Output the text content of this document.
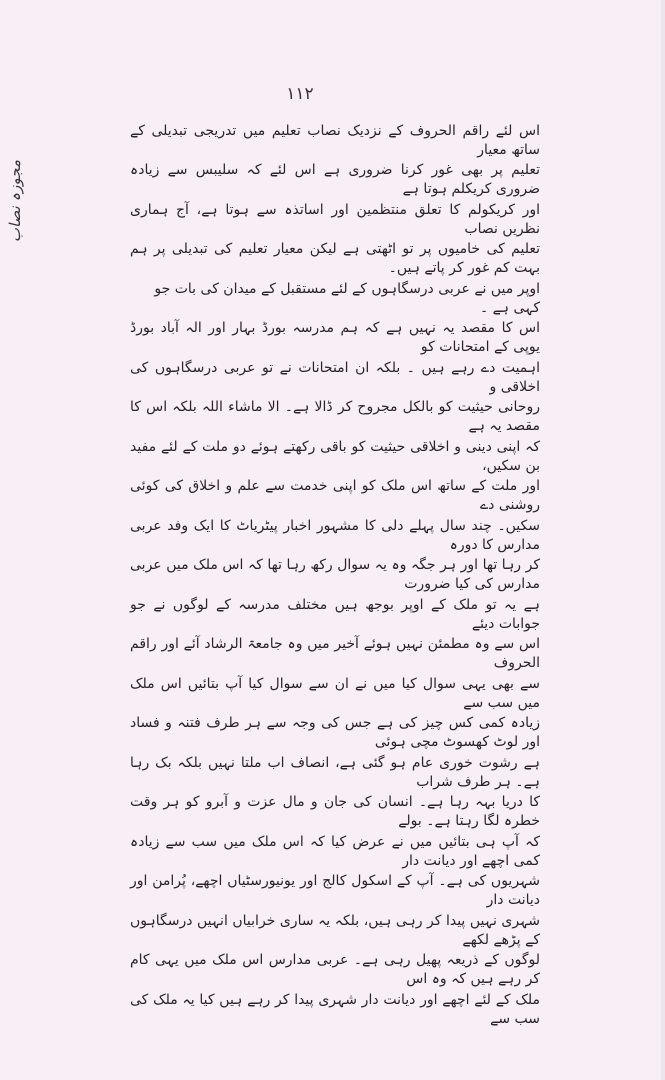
۱۱۲
مجوزہ نصاب
اس لئے راقم الحروف کے نزدیک نصاب تعلیم میں تدریجی تبدیلی کے ساتھ معیار
تعلیم پر بھی غور کرنا ضروری ہے اس لئے کہ سلیبس سے زیادہ ضروری کریکلم ہوتا ہے
اور کریکولم کا تعلق منتظمین اور اساتذہ سے ہوتا ہے، آج ہماری نظریں نصاب
تعلیم کی خامیوں پر تو اٹھتی ہے لیکن معیار تعلیم کی تبدیلی پر ہم بہت کم غور کر پاتے ہیں۔
اوپر میں نے عربی درسگاہوں کے لئے مستقبل کے میدان کی بات جو کہی ہے ۔
اس کا مقصد یہ نہیں ہے کہ ہم مدرسہ بورڈ بہار اور الہ آباد بورڈ یوپی کے امتحانات کو
اہمیت دے رہے ہیں ۔ بلکہ ان امتحانات نے تو عربی درسگاہوں کی اخلاقی و
روحانی حیثیت کو بالکل مجروح کر ڈالا ہے۔ الا ماشاء اللہ بلکہ اس کا مقصد یہ ہے
کہ اپنی دینی و اخلاقی حیثیت کو باقی رکھتے ہوئے دو ملت کے لئے مفید بن سکیں،
اور ملت کے ساتھ اس ملک کو اپنی خدمت سے علم و اخلاق کی کوئی روشنی دے
سکیں۔ چند سال پہلے دلی کا مشہور اخبار پیٹریاٹ کا ایک وفد عربی مدارس کا دورہ
کر رہا تھا اور ہر جگہ وہ یہ سوال رکھ رہا تھا کہ اس ملک میں عربی مدارس کی کیا ضرورت
ہے یہ تو ملک کے اوپر بوجھ ہیں مختلف مدرسہ کے لوگوں نے جو جوابات دیئے
اس سے وہ مطمئن نہیں ہوئے آخیر میں وہ جامعۃ الرشاد آئے اور راقم الحروف
سے بھی یہی سوال کیا میں نے ان سے سوال کیا آپ بتائیں اس ملک میں سب سے
زیادہ کمی کس چیز کی ہے جس کی وجہ سے ہر طرف فتنہ و فساد اور لوٹ کھسوٹ مچی ہوئی
ہے رشوت خوری عام ہو گئی ہے، انصاف اب ملتا نہیں بلکہ بک رہا ہے۔ ہر طرف شراب
کا دریا بہہ رہا ہے۔ انسان کی جان و مال عزت و آبرو کو ہر وقت خطرہ لگا رہتا ہے۔ بولے
کہ آپ ہی بتائیں میں نے عرض کیا کہ اس ملک میں سب سے زیادہ کمی اچھے اور دیانت دار
شہریوں کی ہے۔ آپ کے اسکول کالج اور یونیورسٹیاں اچھے، پُرامن اور دیانت دار
شہری نہیں پیدا کر رہی ہیں، بلکہ یہ ساری خرابیاں انہیں درسگاہوں کے پڑھے لکھے
لوگوں کے ذریعہ پھیل رہی ہے۔ عربی مدارس اس ملک میں یہی کام کر رہے ہیں کہ وہ اس
ملک کے لئے اچھے اور دیانت دار شہری پیدا کر رہے ہیں کیا یہ ملک کی سب سے
